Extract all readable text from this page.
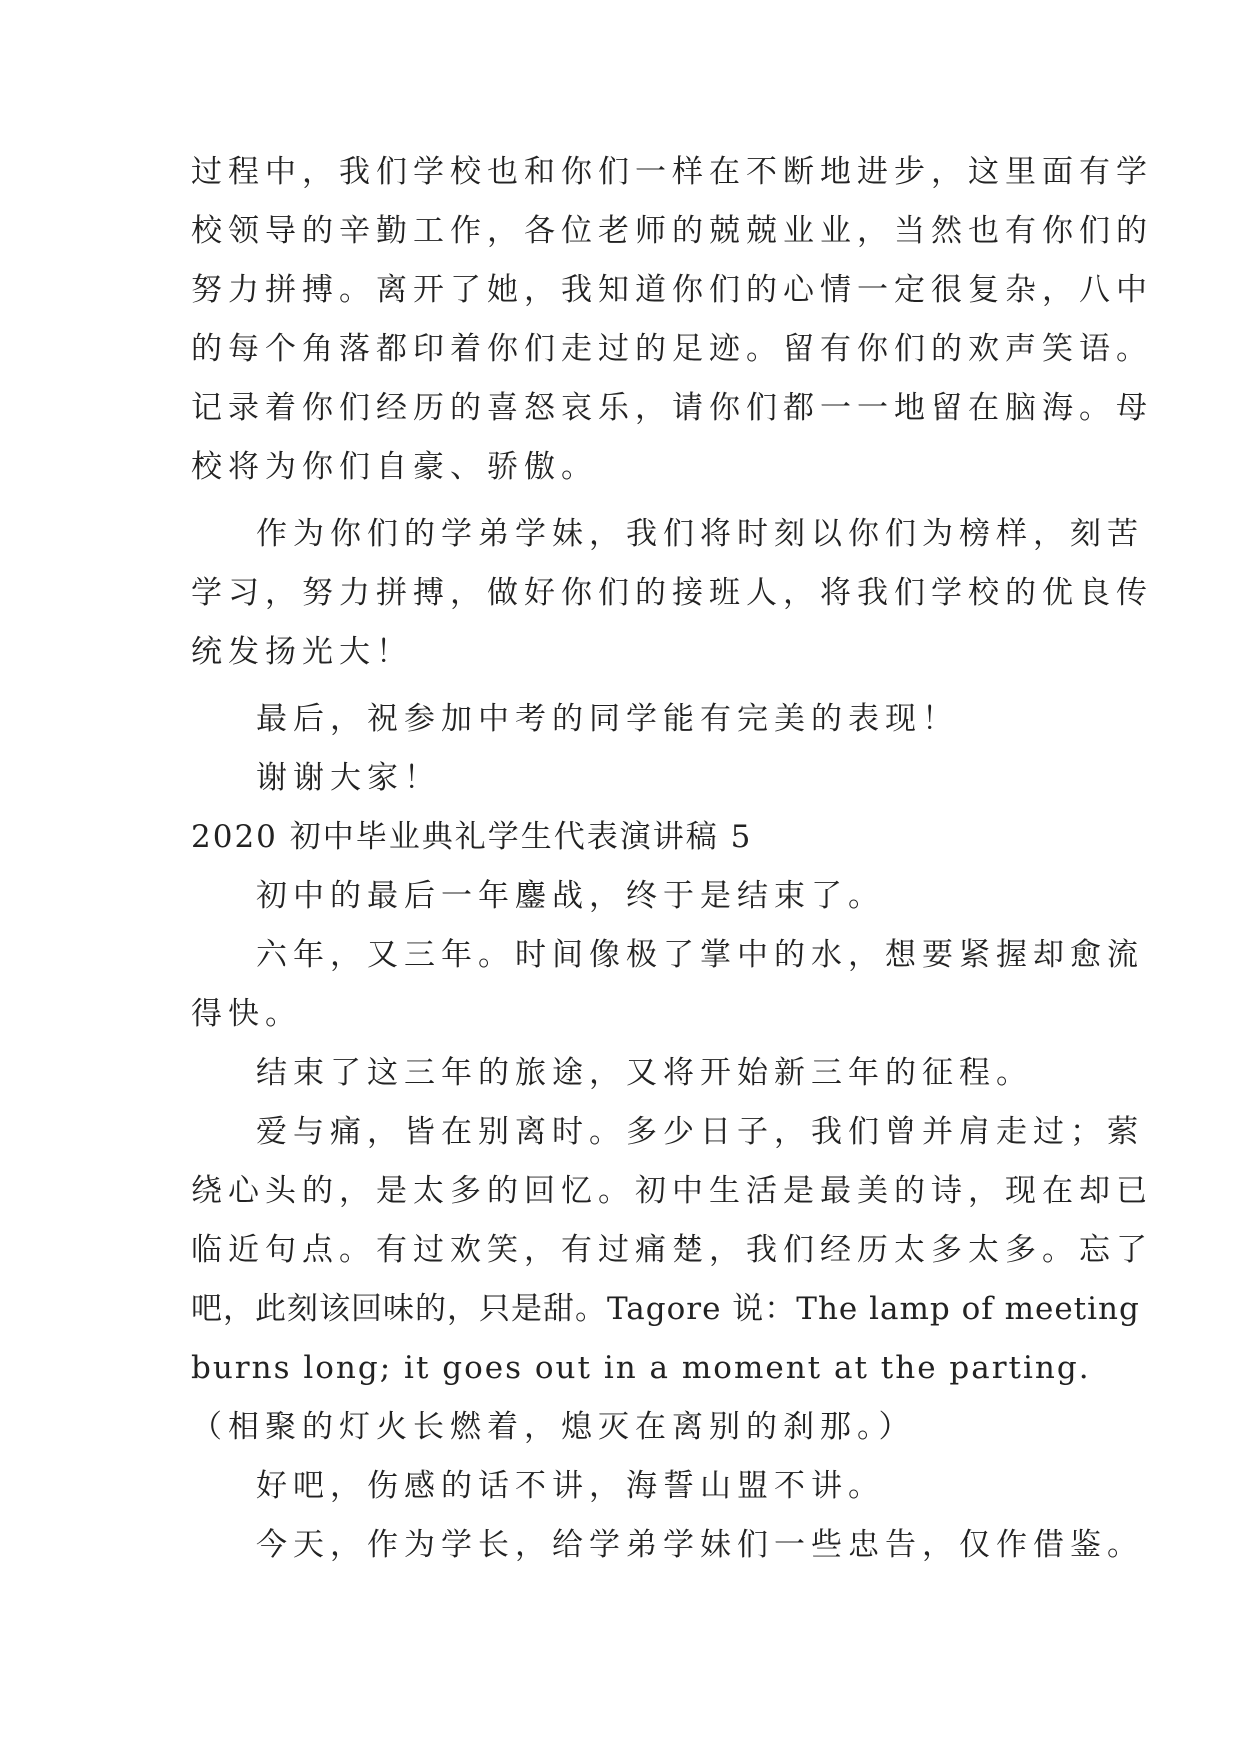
过程中，我们学校也和你们一样在不断地进步，这里面有学
校领导的辛勤工作，各位老师的兢兢业业，当然也有你们的
努力拼搏。离开了她，我知道你们的心情一定很复杂，八中
的每个角落都印着你们走过的足迹。留有你们的欢声笑语。
记录着你们经历的喜怒哀乐，请你们都一一地留在脑海。母
校将为你们自豪、骄傲。
作为你们的学弟学妹，我们将时刻以你们为榜样，刻苦
学习，努力拼搏，做好你们的接班人，将我们学校的优良传
统发扬光大！
最后，祝参加中考的同学能有完美的表现！
谢谢大家！
2020 初中毕业典礼学生代表演讲稿 5
初中的最后一年鏖战，终于是结束了。
六年，又三年。时间像极了掌中的水，想要紧握却愈流
得快。
结束了这三年的旅途，又将开始新三年的征程。
爱与痛，皆在别离时。多少日子，我们曾并肩走过；萦
绕心头的，是太多的回忆。初中生活是最美的诗，现在却已
临近句点。有过欢笑，有过痛楚，我们经历太多太多。忘了
吧，此刻该回味的，只是甜。Tagore 说：The lamp of meeting
burns long; it goes out in a moment at the parting.
（相聚的灯火长燃着，熄灭在离别的刹那。）
好吧，伤感的话不讲，海誓山盟不讲。
今天，作为学长，给学弟学妹们一些忠告，仅作借鉴。
